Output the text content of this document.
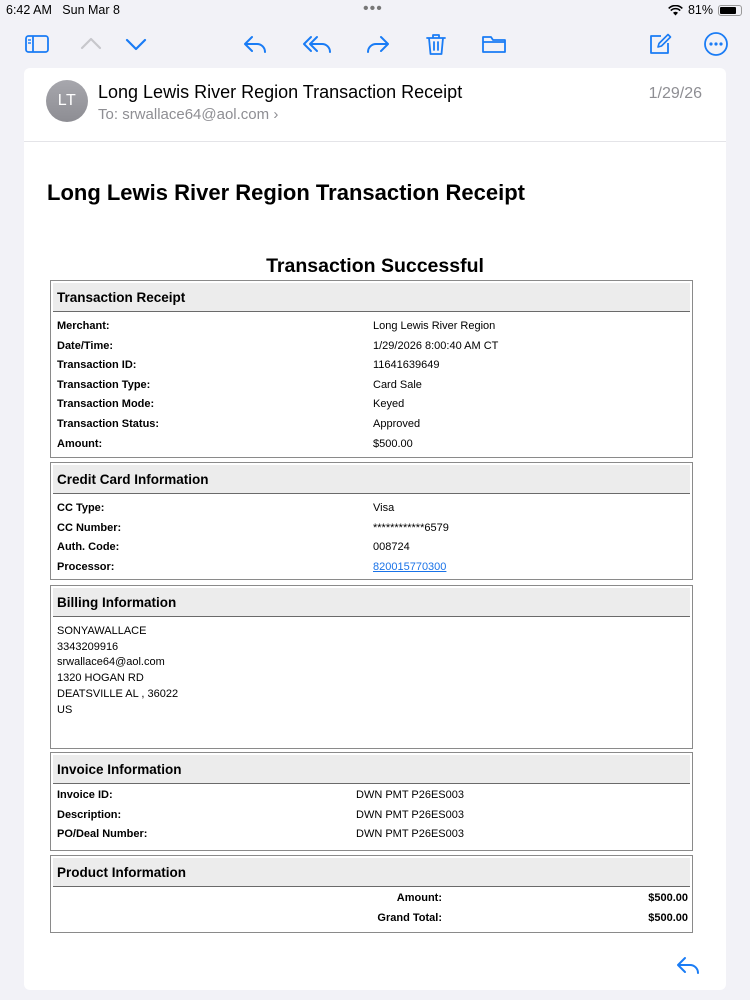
6:42 AM Sun Mar 8	•••	81%
LT	Long Lewis River Region Transaction Receipt
To: srwallace64@aol.com ›
1/29/26
Long Lewis River Region Transaction Receipt
Transaction Successful
Transaction Receipt
Merchant:	Long Lewis River Region
Date/Time:	1/29/2026 8:00:40 AM CT
Transaction ID:	11641639649
Transaction Type:	Card Sale
Transaction Mode:	Keyed
Transaction Status:	Approved
Amount:	$500.00
Credit Card Information
CC Type:	Visa
CC Number:	************6579
Auth. Code:	008724
Processor:	820015770300
Billing Information
SONYAWALLACE
3343209916
srwallace64@aol.com
1320 HOGAN RD
DEATSVILLE AL , 36022
US
Invoice Information
Invoice ID:	DWN PMT P26ES003
Description:	DWN PMT P26ES003
PO/Deal Number:	DWN PMT P26ES003
Product Information
Amount:	$500.00
Grand Total:	$500.00
